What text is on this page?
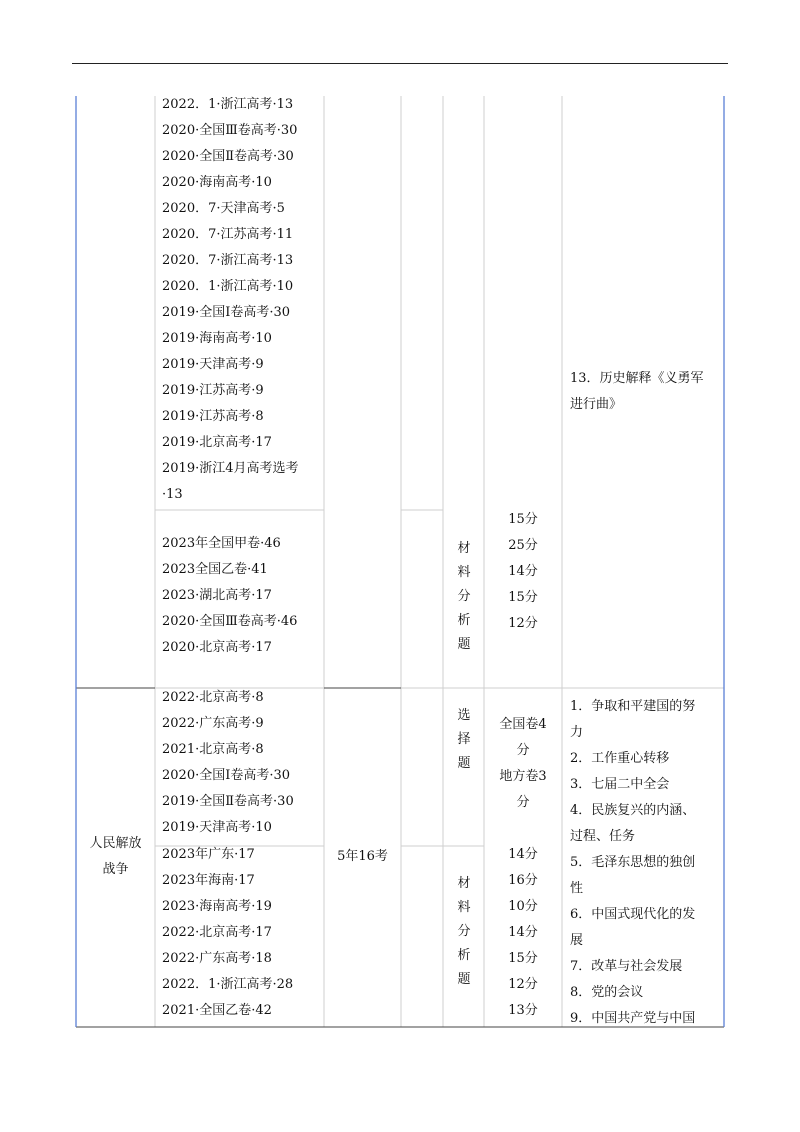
2022．1·浙江高考·13
2020·全国Ⅲ卷高考·30
2020·全国Ⅱ卷高考·30
2020·海南高考·10
2020．7·天津高考·5
2020．7·江苏高考·11
2020．7·浙江高考·13
2020．1·浙江高考·10
2019·全国Ⅰ卷高考·30
2019·海南高考·10
2019·天津高考·9
2019·江苏高考·9
2019·江苏高考·8
2019·北京高考·17
2019·浙江4月高考选考
·13
2023年全国甲卷·46
2023全国乙卷·41
2023·湖北高考·17
2020·全国Ⅲ卷高考·46
2020·北京高考·17
材料分析题
15分
25分
14分
15分
12分
13．历史解释《义勇军
进行曲》
人民解放
战争
2022·北京高考·8
2022·广东高考·9
2021·北京高考·8
2020·全国Ⅰ卷高考·30
2019·全国Ⅱ卷高考·30
2019·天津高考·10
2023年广东·17
2023年海南·17
2023·海南高考·19
2022·北京高考·17
2022·广东高考·18
2022．1·浙江高考·28
2021·全国乙卷·42
5年16考
选择题
全国卷4
分
地方卷3
分
材料分析题
14分
16分
10分
14分
15分
12分
13分
1．争取和平建国的努
力
2．工作重心转移
3．七届二中全会
4．民族复兴的内涵、
过程、任务
5．毛泽东思想的独创
性
6．中国式现代化的发
展
7．改革与社会发展
8．党的会议
9．中国共产党与中国
